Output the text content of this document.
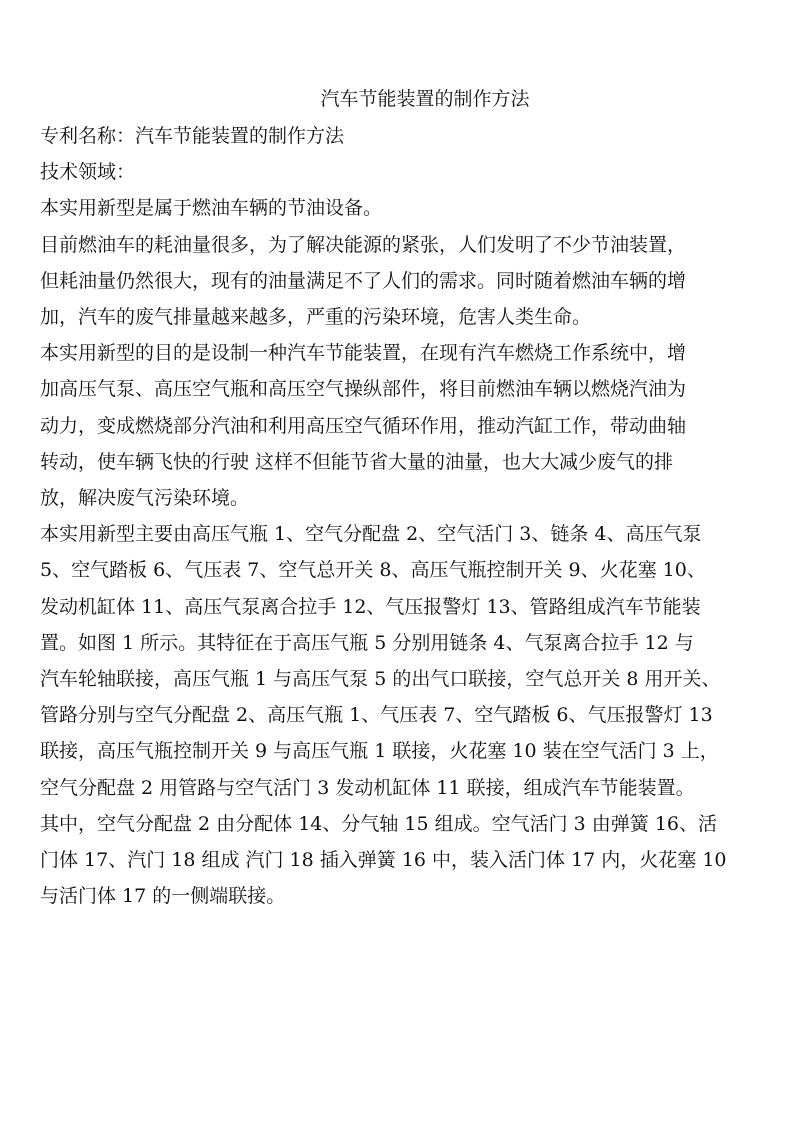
汽车节能装置的制作方法

专利名称：汽车节能装置的制作方法

技术领域：

本实用新型是属于燃油车辆的节油设备。

目前燃油车的耗油量很多，为了解决能源的紧张，人们发明了不少节油装置，

但耗油量仍然很大，现有的油量满足不了人们的需求。同时随着燃油车辆的增

加，汽车的废气排量越来越多，严重的污染环境，危害人类生命。

本实用新型的目的是设制一种汽车节能装置，在现有汽车燃烧工作系统中，增

加高压气泵、高压空气瓶和高压空气操纵部件，将目前燃油车辆以燃烧汽油为

动力，变成燃烧部分汽油和利用高压空气循环作用，推动汽缸工作，带动曲轴

转动，使车辆飞快的行驶 这样不但能节省大量的油量，也大大减少废气的排

放，解决废气污染环境。

本实用新型主要由高压气瓶 1、空气分配盘 2、空气活门 3、链条 4、高压气泵

5、空气踏板 6、气压表 7、空气总开关 8、高压气瓶控制开关 9、火花塞 10、

发动机缸体 11、高压气泵离合拉手 12、气压报警灯 13、管路组成汽车节能装

置。如图 1 所示。其特征在于高压气瓶 5 分别用链条 4、气泵离合拉手 12 与

汽车轮轴联接，高压气瓶 1 与高压气泵 5 的出气口联接，空气总开关 8 用开关、

管路分别与空气分配盘 2、高压气瓶 1、气压表 7、空气踏板 6、气压报警灯 13

联接，高压气瓶控制开关 9 与高压气瓶 1 联接，火花塞 10 装在空气活门 3 上，

空气分配盘 2 用管路与空气活门 3 发动机缸体 11 联接，组成汽车节能装置。

其中，空气分配盘 2 由分配体 14、分气轴 15 组成。空气活门 3 由弹簧 16、活

门体 17、汽门 18 组成 汽门 18 插入弹簧 16 中，装入活门体 17 内，火花塞 10

与活门体 17 的一侧端联接。
